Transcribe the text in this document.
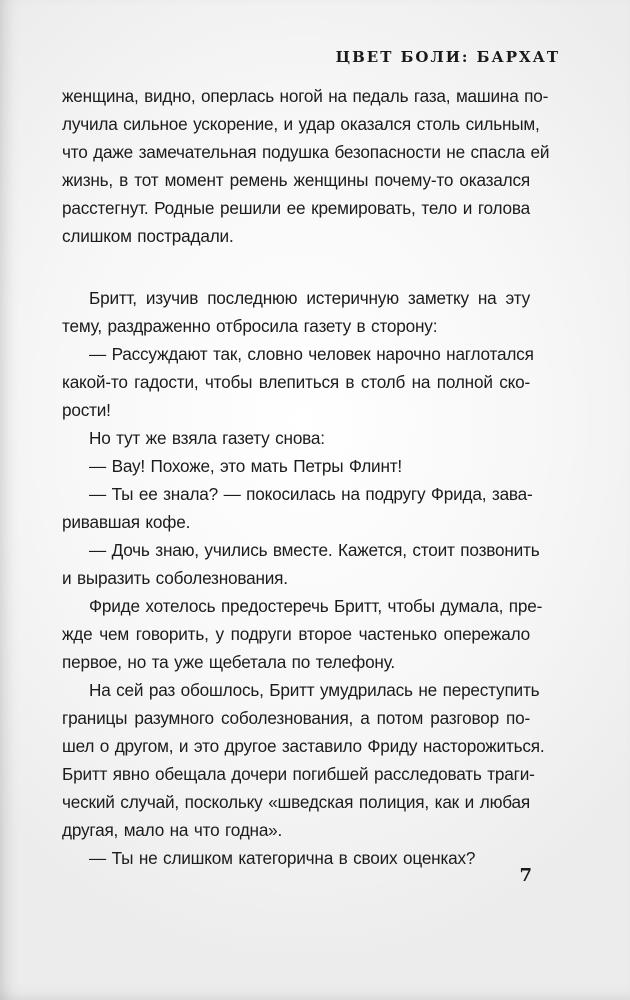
ЦВЕТ БОЛИ: БАРХАТ
женщина, видно, оперлась ногой на педаль газа, машина по-
лучила сильное ускорение, и удар оказался столь сильным,
что даже замечательная подушка безопасности не спасла ей
жизнь, в тот момент ремень женщины почему-то оказался
расстегнут. Родные решили ее кремировать, тело и голова
слишком пострадали.
Бритт, изучив последнюю истеричную заметку на эту
тему, раздраженно отбросила газету в сторону:
— Рассуждают так, словно человек нарочно наглотался
какой-то гадости, чтобы влепиться в столб на полной ско-
рости!
Но тут же взяла газету снова:
— Вау! Похоже, это мать Петры Флинт!
— Ты ее знала? — покосилась на подругу Фрида, зава-
ривавшая кофе.
— Дочь знаю, учились вместе. Кажется, стоит позвонить
и выразить соболезнования.
Фриде хотелось предостеречь Бритт, чтобы думала, пре-
жде чем говорить, у подруги второе частенько опережало
первое, но та уже щебетала по телефону.
На сей раз обошлось, Бритт умудрилась не переступить
границы разумного соболезнования, а потом разговор по-
шел о другом, и это другое заставило Фриду насторожиться.
Бритт явно обещала дочери погибшей расследовать траги-
ческий случай, поскольку «шведская полиция, как и любая
другая, мало на что годна».
— Ты не слишком категорична в своих оценках?
7
